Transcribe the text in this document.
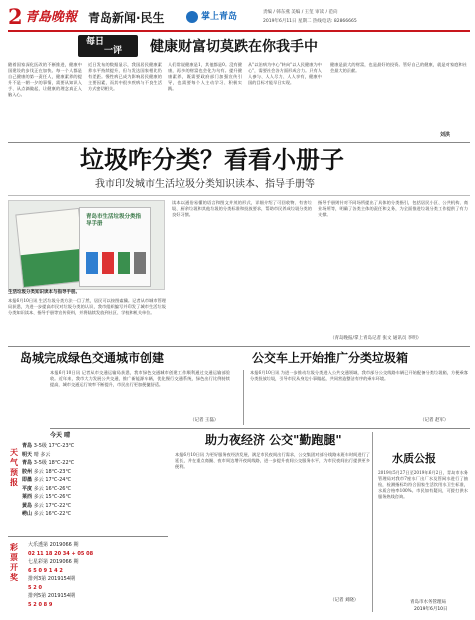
2 青島晚報 青岛新闻·民生	掌上青岛	责编 / 韩东燕 美编 / 王玺 审读 / 范向
2019年6月11日 星期二 热线电话: 82866665
每日
一评 健康财富切莫跌在你我手中
随着国家深化医改的不断推进，健康中国建设的步伐正在加快。每一个人都是自己健康的第一责任人，健康素养的提升不是一朝一夕的事情，需要从知识入手、从点滴做起，让健康的理念真正入脑入心。
近日发布的数据显示，我国居民健康素养水平持续提升，但与发达国家相比仍有差距。慢性病已成为影响居民健康的主要因素，而其中很多疾病与不良生活方式密切相关。
人们常说健康是1，其他都是0。没有健康，再多的财富也会化为乌有。提升健康素养，既需要政府部门加强宣传引导，也需要每个人主动学习、积极实践。
从"以治病为中心"转向"以人民健康为中心"，需要社会各方面形成合力。只有人人参与、人人尽力、人人享有，健康中国的目标才能早日实现。
健康是最大的财富，也是最好的投资。管好自己的健康，就是对家庭和社会最大的贡献。
刘洪
垃圾咋分类？看看小册子
我市印发城市生活垃圾分类知识读本、指导手册等
青岛市生活垃圾分类指导手册
生活垃圾分类知识读本与指导手册。
本报6月10日讯 生活垃圾分类方法一目了然，居民可以按图索骥。记者从市城市管理局获悉，为进一步提高市民对垃圾分类的认识，我市组织编写并印发了城市生活垃圾分类知识读本、指导手册等宣传资料，并将陆续发放到社区、学校和机关单位。
读本以通俗易懂的语言和图文并茂的形式，详细介绍了可回收物、有害垃圾、厨余垃圾和其他垃圾的分类标准和投放要求，帮助市民养成垃圾分类的良好习惯。
指导手册则针对不同场所提出了具体的分类指引，包括居民小区、公共机构、商业场所等，明确了各类主体的责任和义务，为全面推进垃圾分类工作提供了有力支撑。
（青岛晚报/掌上青岛记者 张文 通讯员 李明）
岛城完成绿色交通城市创建
本报6月10日讯 记者从市交通运输局获悉，我市绿色交通城市创建工作顺利通过交通运输部验收。近年来，我市大力发展公共交通，推广新能源车辆，优化慢行交通系统，绿色出行比例持续提高，城市交通运行效率不断提升，市民出行更加便捷舒适。
（记者 王磊）
公交车上开始推广分类垃圾箱
本报6月10日讯 为进一步推动垃圾分类进入公共交通领域，我市部分公交线路车辆已开始配备分类垃圾箱，方便乘客分类投放垃圾，引导市民从身边小事做起，共同营造整洁有序的乘车环境。
（记者 赵军）
天气预报
今天 晴
青岛 3-5级 17℃-23℃
明天 晴 多云
青岛 3-5级 18℃-22℃
胶州 多云 18℃-23℃
即墨 多云 17℃-24℃
平度 多云 16℃-26℃
莱西 多云 15℃-26℃
黄岛 多云 17℃-22℃
崂山 多云 16℃-22℃
彩票开奖
大乐透第 2019066 期
02 11 18 20 34 + 05 08
七星彩第 2019066 期
6 5 0 9 1 4 2
排列3第 2019154期
5 2 0
排列5第 2019154期
5 2 0 8 9
助力夜经济 公交"勤跑腿"
本报6月10日讯 为更好服务夜经济发展，满足市民夜间出行需求，公交集团对部分线路末班车时间进行了延长，并在重点商圈、夜市周边增开夜间线路，进一步提升夜间公交服务水平，为市民夜间出行提供更多便利。
（记者 刘晓）
水质公报
2019年5月27日至2019年6月2日，青岛市水务管理局对我市7座水厂出厂水及管网水进行了抽检，检测指标均符合国家生活饮用水卫生标准，水质合格率100%。市民如有疑问，可拨打供水服务热线咨询。
青岛市水务管理局
2019年6月10日
